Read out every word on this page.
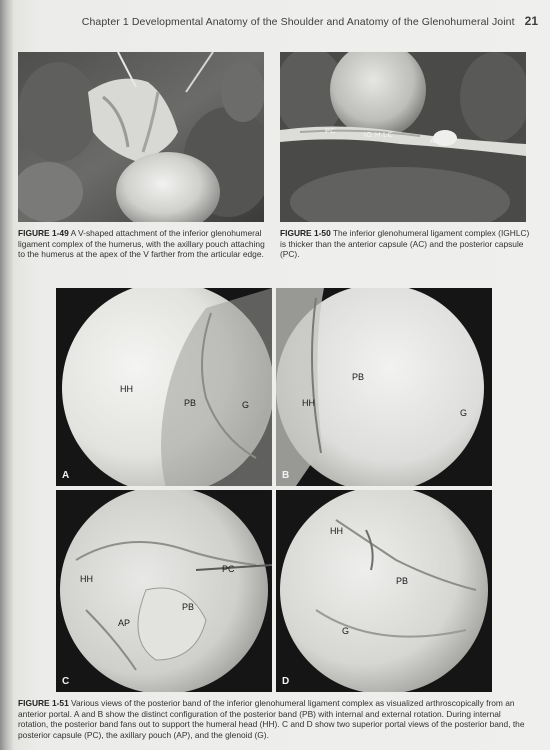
Chapter 1 Developmental Anatomy of the Shoulder and Anatomy of the Glenohumeral Joint 21
PC	IG H LC
AC
FIGURE 1-49 A V-shaped attachment of the inferior glenohumeral ligament complex of the humerus, with the axillary pouch attaching to the humerus at the apex of the V farther from the articular edge.
FIGURE 1-50 The inferior glenohumeral ligament complex (IGHLC) is thicker than the anterior capsule (AC) and the posterior capsule (PC).
HH
PB	G
A
HH
PB
G
B
HH
PC
PB
AP
C
HH
PB
G
D
FIGURE 1-51 Various views of the posterior band of the inferior glenohumeral ligament complex as visualized arthroscopically from an anterior portal. A and B show the distinct configuration of the posterior band (PB) with internal and external rotation. During internal rotation, the posterior band fans out to support the humeral head (HH). C and D show two superior portal views of the posterior band, the posterior capsule (PC), the axillary pouch (AP), and the glenoid (G).
